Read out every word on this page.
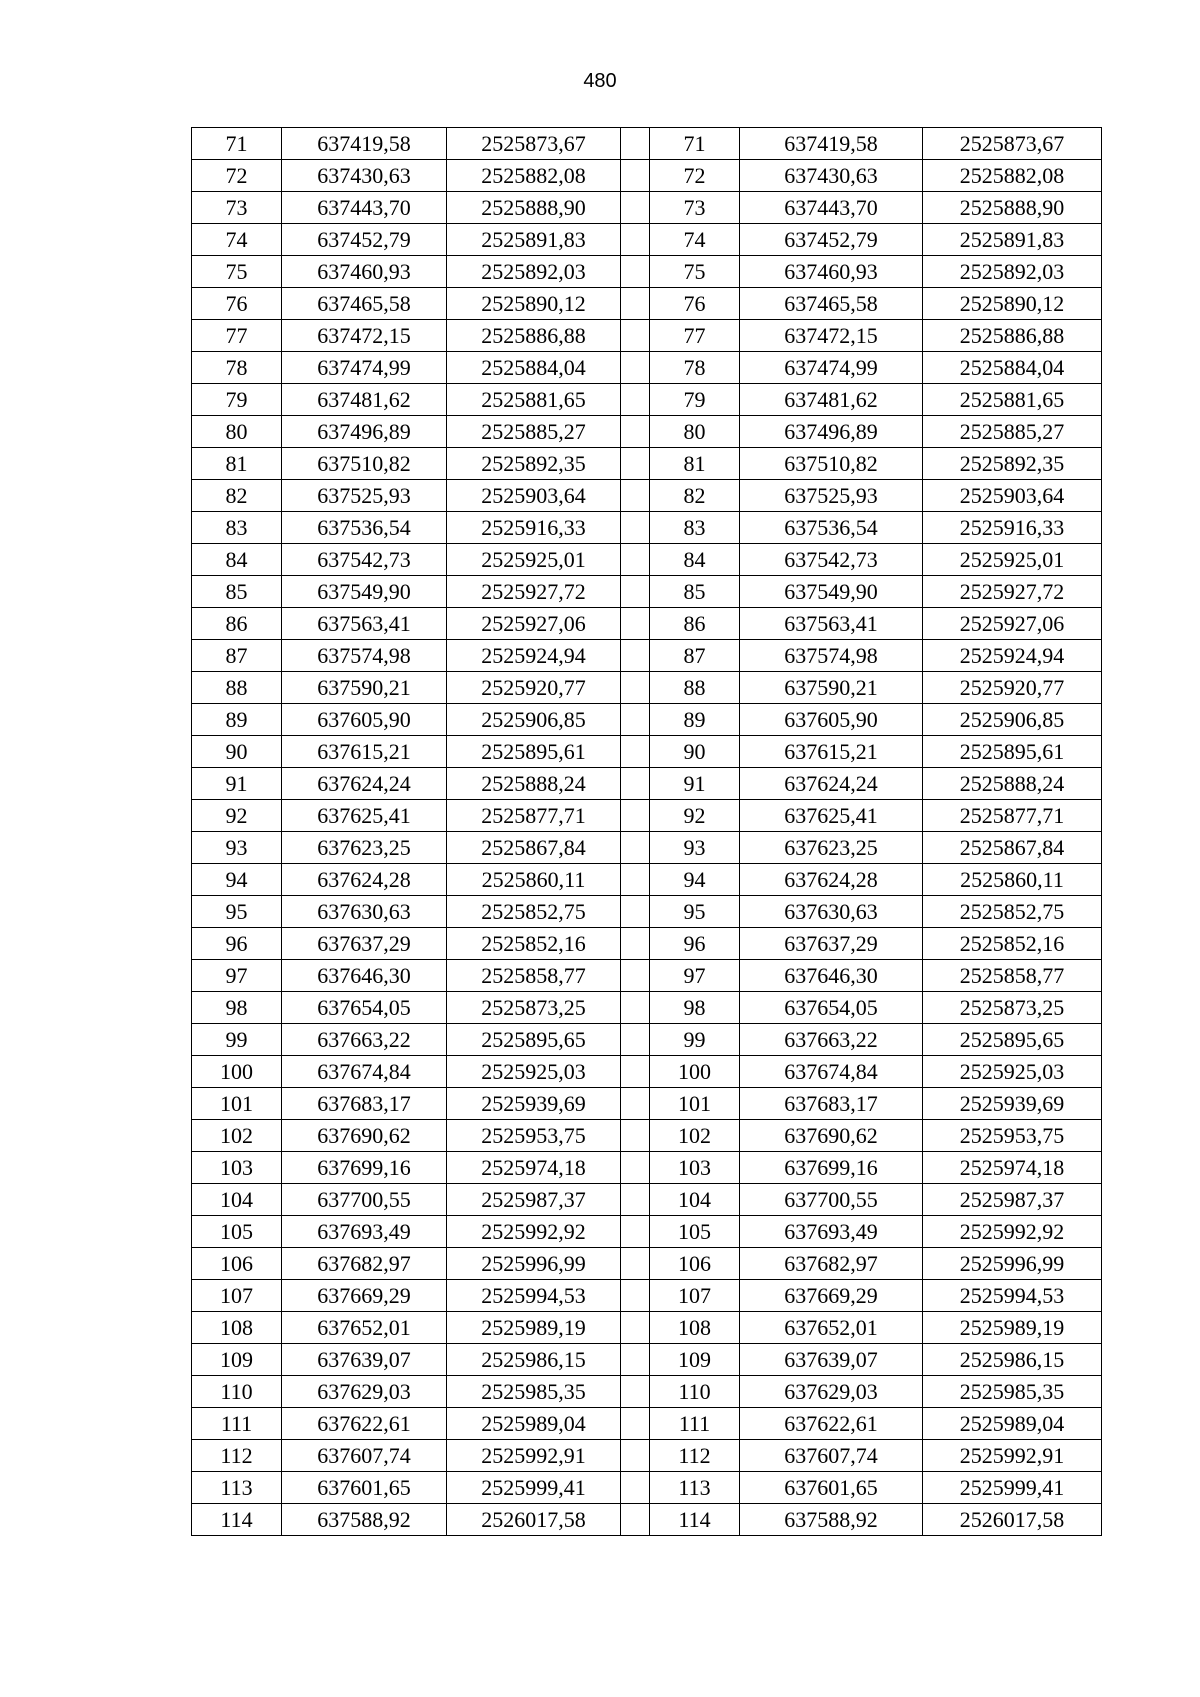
480
71	637419,58	2525873,67		71	637419,58	2525873,67
72	637430,63	2525882,08		72	637430,63	2525882,08
73	637443,70	2525888,90		73	637443,70	2525888,90
74	637452,79	2525891,83		74	637452,79	2525891,83
75	637460,93	2525892,03		75	637460,93	2525892,03
76	637465,58	2525890,12		76	637465,58	2525890,12
77	637472,15	2525886,88		77	637472,15	2525886,88
78	637474,99	2525884,04		78	637474,99	2525884,04
79	637481,62	2525881,65		79	637481,62	2525881,65
80	637496,89	2525885,27		80	637496,89	2525885,27
81	637510,82	2525892,35		81	637510,82	2525892,35
82	637525,93	2525903,64		82	637525,93	2525903,64
83	637536,54	2525916,33		83	637536,54	2525916,33
84	637542,73	2525925,01		84	637542,73	2525925,01
85	637549,90	2525927,72		85	637549,90	2525927,72
86	637563,41	2525927,06		86	637563,41	2525927,06
87	637574,98	2525924,94		87	637574,98	2525924,94
88	637590,21	2525920,77		88	637590,21	2525920,77
89	637605,90	2525906,85		89	637605,90	2525906,85
90	637615,21	2525895,61		90	637615,21	2525895,61
91	637624,24	2525888,24		91	637624,24	2525888,24
92	637625,41	2525877,71		92	637625,41	2525877,71
93	637623,25	2525867,84		93	637623,25	2525867,84
94	637624,28	2525860,11		94	637624,28	2525860,11
95	637630,63	2525852,75		95	637630,63	2525852,75
96	637637,29	2525852,16		96	637637,29	2525852,16
97	637646,30	2525858,77		97	637646,30	2525858,77
98	637654,05	2525873,25		98	637654,05	2525873,25
99	637663,22	2525895,65		99	637663,22	2525895,65
100	637674,84	2525925,03		100	637674,84	2525925,03
101	637683,17	2525939,69		101	637683,17	2525939,69
102	637690,62	2525953,75		102	637690,62	2525953,75
103	637699,16	2525974,18		103	637699,16	2525974,18
104	637700,55	2525987,37		104	637700,55	2525987,37
105	637693,49	2525992,92		105	637693,49	2525992,92
106	637682,97	2525996,99		106	637682,97	2525996,99
107	637669,29	2525994,53		107	637669,29	2525994,53
108	637652,01	2525989,19		108	637652,01	2525989,19
109	637639,07	2525986,15		109	637639,07	2525986,15
110	637629,03	2525985,35		110	637629,03	2525985,35
111	637622,61	2525989,04		111	637622,61	2525989,04
112	637607,74	2525992,91		112	637607,74	2525992,91
113	637601,65	2525999,41		113	637601,65	2525999,41
114	637588,92	2526017,58		114	637588,92	2526017,58
